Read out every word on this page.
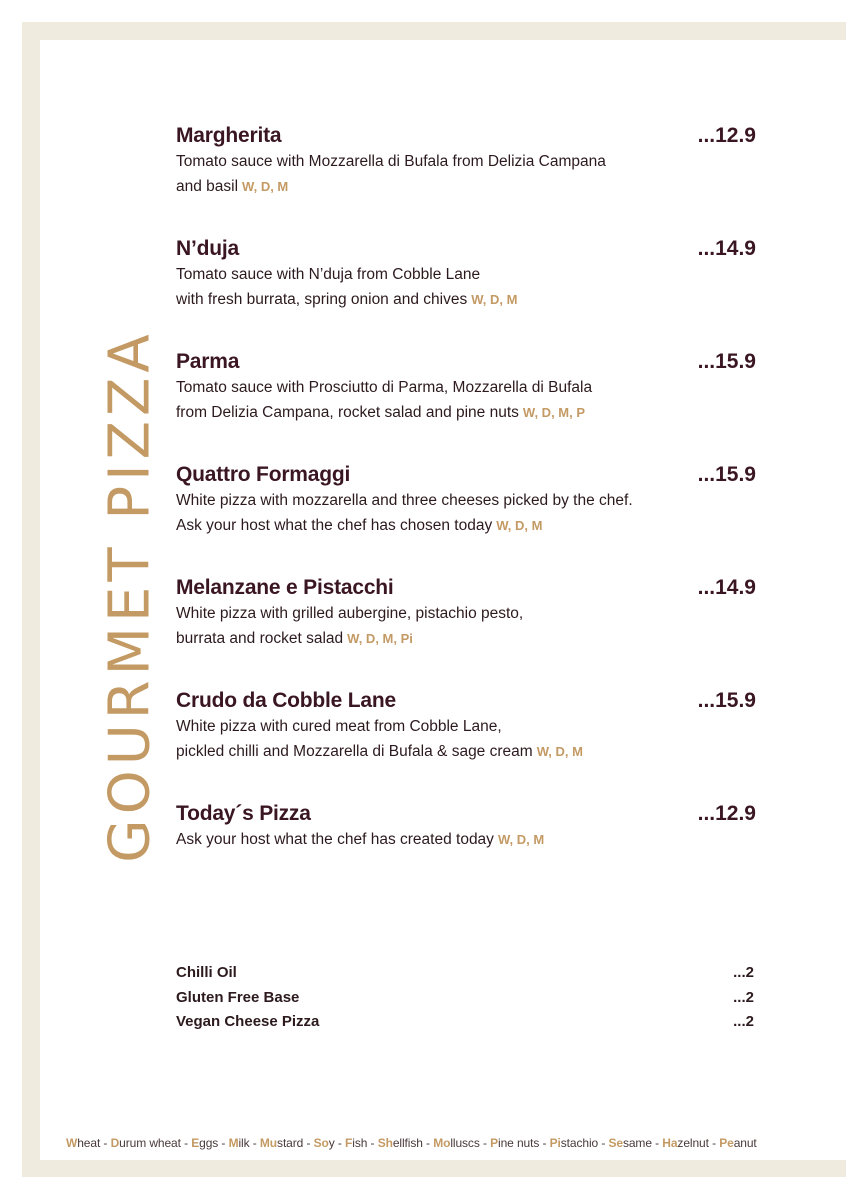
GOURMET PIZZA
Margherita	...12.9
Tomato sauce with Mozzarella di Bufala from Delizia Campana
and basil W, D, M
N’duja	...14.9
Tomato sauce with N’duja from Cobble Lane
with fresh burrata, spring onion and chives W, D, M
Parma	...15.9
Tomato sauce with Prosciutto di Parma, Mozzarella di Bufala
from Delizia Campana, rocket salad and pine nuts W, D, M, P
Quattro Formaggi	...15.9
White pizza with mozzarella and three cheeses picked by the chef.
Ask your host what the chef has chosen today W, D, M
Melanzane e Pistacchi	...14.9
White pizza with grilled aubergine, pistachio pesto,
burrata and rocket salad W, D, M, Pi
Crudo da Cobble Lane	...15.9
White pizza with cured meat from Cobble Lane,
pickled chilli and Mozzarella di Bufala & sage cream W, D, M
Today´s Pizza	...12.9
Ask your host what the chef has created today W, D, M
Chilli Oil	...2
Gluten Free Base	...2
Vegan Cheese Pizza	...2
Wheat - Durum wheat - Eggs - Milk - Mustard - Soy - Fish - Shellfish - Molluscs - Pine nuts - Pistachio - Sesame - Hazelnut - Peanut
